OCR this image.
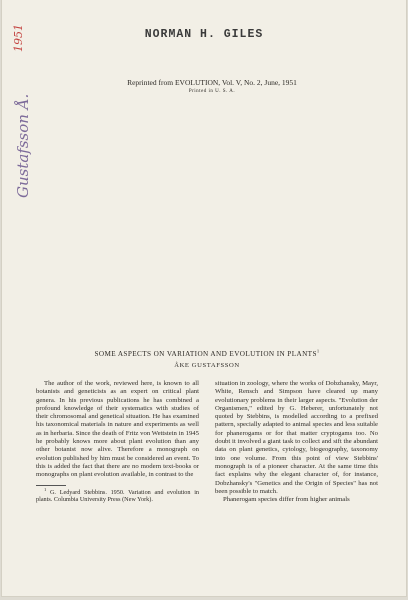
1951
Gustafsson Å.
NORMAN H. GILES
Reprinted from EVOLUTION, Vol. V, No. 2, June, 1951
Printed in U. S. A.
SOME ASPECTS ON VARIATION AND EVOLUTION IN PLANTS$^1$
ÅKE GUSTAFSSON

The author of the work, reviewed here, is known to all botanists and geneticists as an expert on critical plant genera. In his previous publications he has combined a profound knowledge of their systematics with studies of their chromosomal and genetical situation. He has examined his taxonomical materials in nature and experiments as well as in herbaria. Since the death of Fritz von Wettstein in 1945 he probably knows more about plant evolution than any other botanist now alive. Therefore a monograph on evolution published by him must be considered an event. To this is added the fact that there are no modern text-books or monographs on plant evolution available, in contrast to the

$^1$ G. Ledyard Stebbins. 1950. Variation and evolution in plants. Columbia University Press (New York).

situation in zoology, where the works of Dobzhansky, Mayr, White, Rensch and Simpson have cleared up many evolutionary problems in their larger aspects. "Evolution der Organismen," edited by G. Heberer, unfortunately not quoted by Stebbins, is modelled according to a prefixed pattern, specially adapted to animal species and less suitable for phanerogams or for that matter cryptogams too. No doubt it involved a giant task to collect and sift the abundant data on plant genetics, cytology, biogeography, taxonomy into one volume. From this point of view Stebbins' monograph is of a pioneer character. At the same time this fact explains why the elegant character of, for instance, Dobzhansky's "Genetics and the Origin of Species" has not been possible to match.

Phanerogam species differ from higher animals
